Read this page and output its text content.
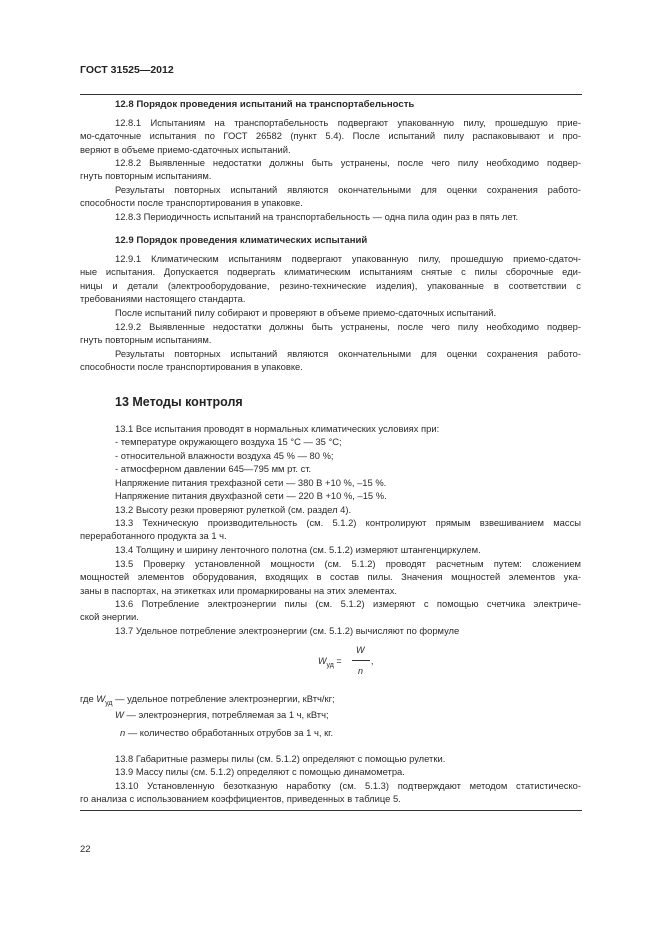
ГОСТ 31525—2012
12.8 Порядок проведения испытаний на транспортабельность
12.8.1 Испытаниям на транспортабельность подвергают упакованную пилу, прошедшую прие-
мо-сдаточные испытания по ГОСТ 26582 (пункт 5.4). После испытаний пилу распаковывают и про-
веряют в объеме приемо-сдаточных испытаний.
12.8.2 Выявленные недостатки должны быть устранены, после чего пилу необходимо подвер-
гнуть повторным испытаниям.
Результаты повторных испытаний являются окончательными для оценки сохранения работо-
способности после транспортирования в упаковке.
12.8.3 Периодичность испытаний на транспортабельность — одна пила один раз в пять лет.
12.9 Порядок проведения климатических испытаний
12.9.1 Климатическим испытаниям подвергают упакованную пилу, прошедшую приемо-сдаточ-
ные испытания. Допускается подвергать климатическим испытаниям снятые с пилы сборочные еди-
ницы и детали (электрооборудование, резино-технические изделия), упакованные в соответствии с
требованиями настоящего стандарта.
После испытаний пилу собирают и проверяют в объеме приемо-сдаточных испытаний.
12.9.2 Выявленные недостатки должны быть устранены, после чего пилу необходимо подвер-
гнуть повторным испытаниям.
Результаты повторных испытаний являются окончательными для оценки сохранения работо-
способности после транспортирования в упаковке.
13 Методы контроля
13.1 Все испытания проводят в нормальных климатических условиях при:
- температуре окружающего воздуха 15 °С — 35 °С;
- относительной влажности воздуха 45 % — 80 %;
- атмосферном давлении 645—795 мм рт. ст.
Напряжение питания трехфазной сети — 380 В +10 %, –15 %.
Напряжение питания двухфазной сети — 220 В +10 %, –15 %.
13.2 Высоту резки проверяют рулеткой (см. раздел 4).
13.3 Техническую производительность (см. 5.1.2) контролируют прямым взвешиванием массы
переработанного продукта за 1 ч.
13.4 Толщину и ширину ленточного полотна (см. 5.1.2) измеряют штангенциркулем.
13.5 Проверку установленной мощности (см. 5.1.2) проводят расчетным путем: сложением
мощностей элементов оборудования, входящих в состав пилы. Значения мощностей элементов ука-
заны в паспортах, на этикетках или промаркированы на этих элементах.
13.6 Потребление электроэнергии пилы (см. 5.1.2) измеряют с помощью счетчика электриче-
ской энергии.
13.7 Удельное потребление электроэнергии (см. 5.1.2) вычисляют по формуле
13.8 Габаритные размеры пилы (см. 5.1.2) определяют с помощью рулетки.
13.9 Массу пилы (см. 5.1.2) определяют с помощью динамометра.
13.10 Установленную безотказную наработку (см. 5.1.3) подтверждают методом статистическо-
го анализа с использованием коэффициентов, приведенных в таблице 5.
$W_{уд}$ =
W
n
,
где $W_{уд}$ — удельное потребление электроэнергии, кВтч/кг;
W — электроэнергия, потребляемая за 1 ч, кВтч;
n — количество обработанных отрубов за 1 ч, кг.
22
